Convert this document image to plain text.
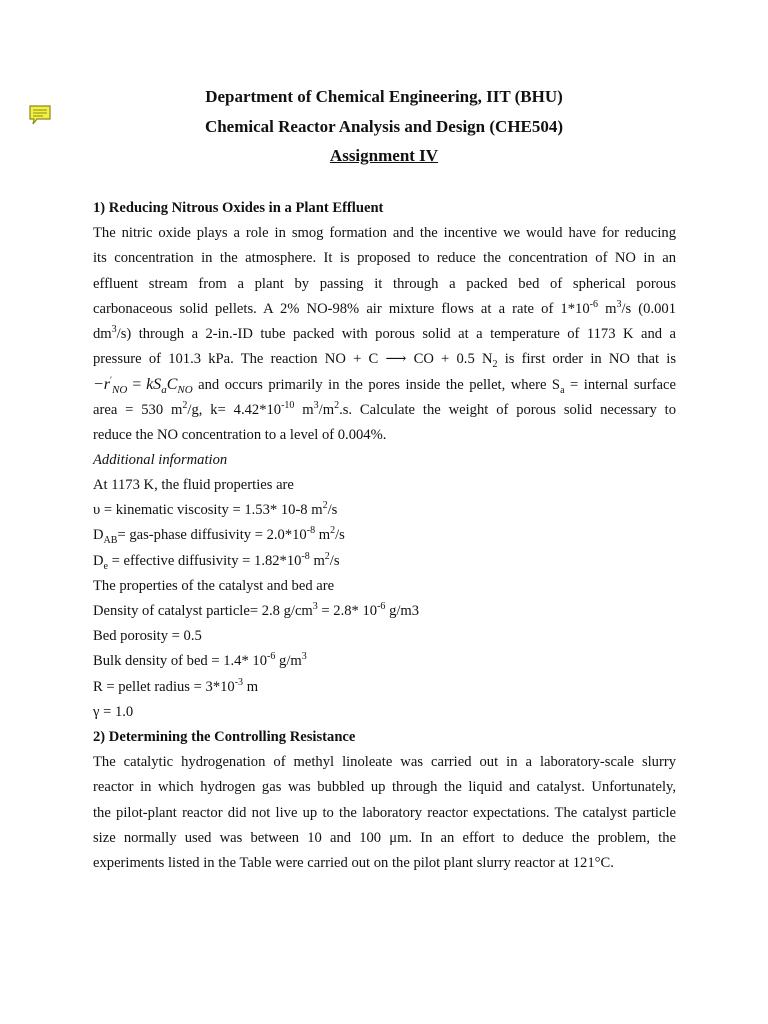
Department of Chemical Engineering, IIT (BHU)
Chemical Reactor Analysis and Design (CHE504)
Assignment IV
1) Reducing Nitrous Oxides in a Plant Effluent
The nitric oxide plays a role in smog formation and the incentive we would have for reducing
its concentration in the atmosphere. It is proposed to reduce the concentration of NO in an
effluent stream from a plant by passing it through a packed bed of spherical porous
carbonaceous solid pellets. A 2% NO-98% air mixture flows at a rate of $1*10^{-6}$ $m^3/s$ (0.001
$dm^3/s$) through a 2-in.-ID tube packed with porous solid at a temperature of 1173 K and a
pressure of 101.3 kPa. The reaction NO + C ⟶ CO + 0.5 $N_2$ is first order in NO that is
$-r'_{NO} = kS_aC_{NO}$ and occurs primarily in the pores inside the pellet, where $S_a$ = internal surface
area = 530 $m^2/g$, $k= 4.42*10^{-10}$ $m^3/m^2.s$. Calculate the weight of porous solid necessary to
reduce the NO concentration to a level of 0.004%.
Additional information
At 1173 K, the fluid properties are
υ = kinematic viscosity = 1.53* 10-8 $m^2/s$
$D_{AB}=$ gas-phase diffusivity = $2.0*10^{-8}$ $m^2/s$
$D_e$ = effective diffusivity = $1.82*10^{-8}$ $m^2/s$
The properties of the catalyst and bed are
Density of catalyst particle= 2.8 $g/cm^3 = 2.8*$ $10^{-6}$ g/m3
Bed porosity = 0.5
Bulk density of bed = 1.4* $10^{-6}$ $g/m^3$
R = pellet radius = $3*10^{-3}$ m
γ = 1.0
2) Determining the Controlling Resistance
The catalytic hydrogenation of methyl linoleate was carried out in a laboratory-scale slurry
reactor in which hydrogen gas was bubbled up through the liquid and catalyst. Unfortunately,
the pilot-plant reactor did not live up to the laboratory reactor expectations. The catalyst particle
size normally used was between 10 and 100 μm. In an effort to deduce the problem, the
experiments listed in the Table were carried out on the pilot plant slurry reactor at 121°C.
